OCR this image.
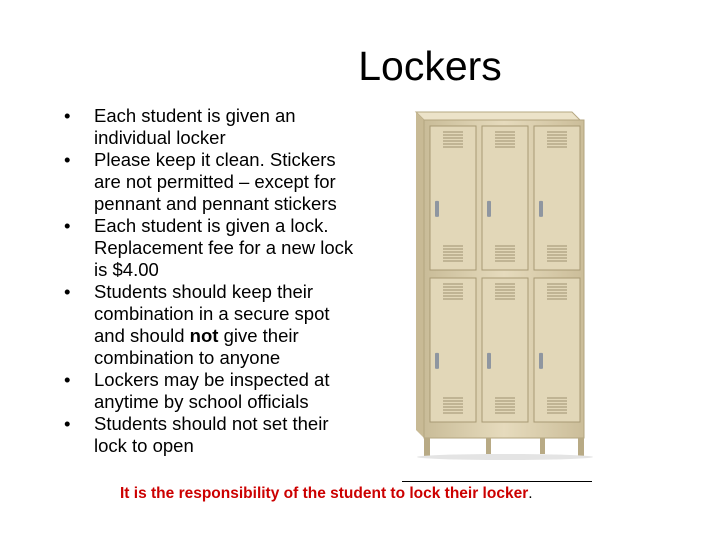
Lockers
•	Each student is given an individual locker
•	Please keep it clean. Stickers are not permitted – except for pennant and pennant stickers
•	Each student is given a lock. Replacement fee for a new lock is $4.00
•	Students should keep their combination in a secure spot and should not give their combination to anyone
•	Lockers may be inspected at anytime by school officials
•	Students should not set their lock to open
It is the responsibility of the student to lock their locker.
